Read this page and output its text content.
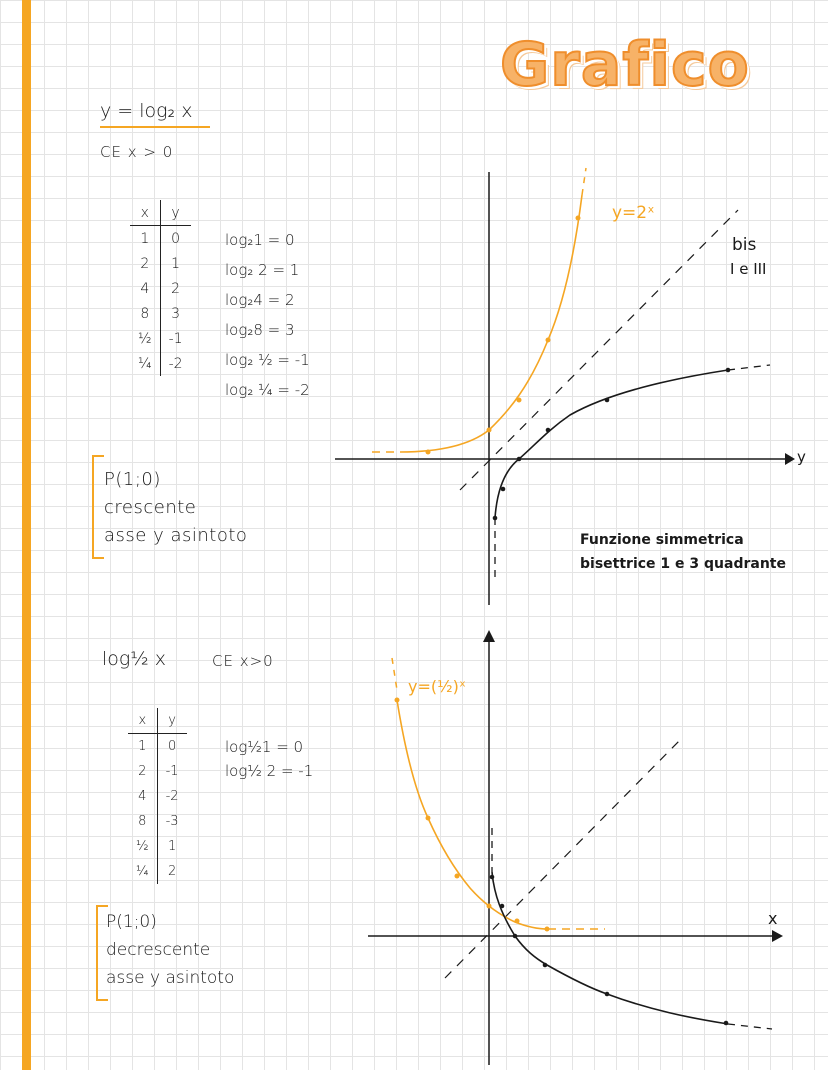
Grafico
y = log₂ x
CE x > 0
x	y
1	0
2	1
4	2
8	3
½	-1
¼	-2
log₂1 = 0
log₂ 2 = 1
log₂4 = 2
log₂8 = 3
log₂ ½ = -1
log₂ ¼ = -2
P(1;0)
crescente
asse y asintoto	Funzione simmetrica
bisettrice 1 e 3 quadrante
y=2ˣ
bis
I e III
y
log½ x	CE x>0
x	y
1	0
2	-1
4	-2
8	-3
½	1
¼	2
log½1 = 0
log½ 2 = -1
P(1;0)
decrescente
asse y asintoto
y=(½)ˣ
x
